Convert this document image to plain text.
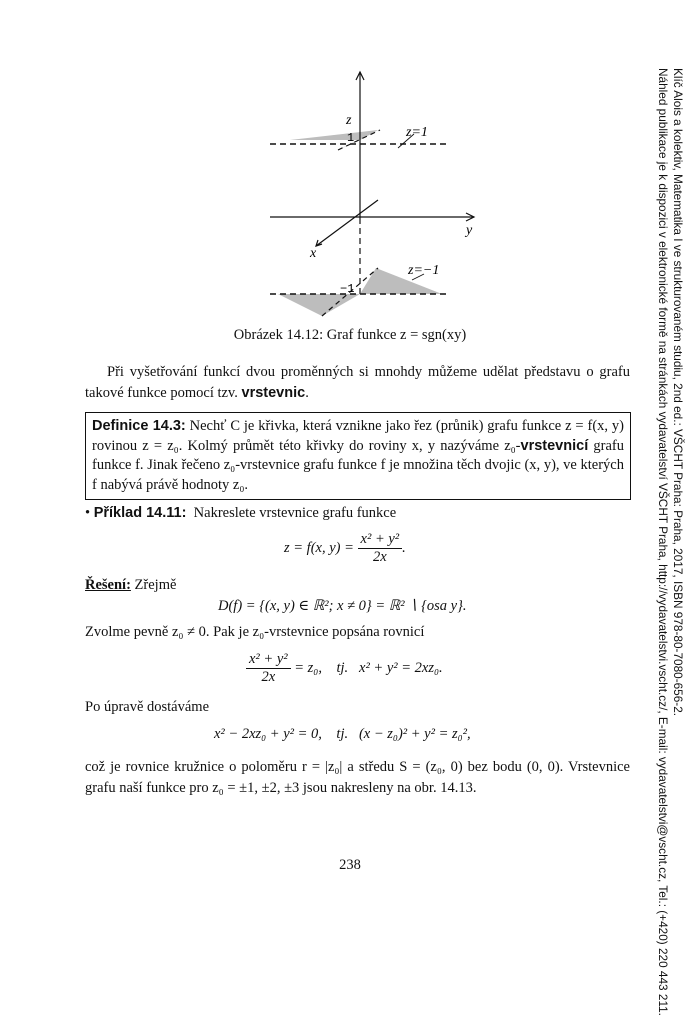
z
1	z=1
y
x
z=−1
−1
Obrázek 14.12: Graf funkce z = sgn(xy)
Při vyšetřování funkcí dvou proměnných si mnohdy můžeme udělat představu o grafu takové funkce pomocí tzv. vrstevnic.
Definice 14.3: Nechť C je křivka, která vznikne jako řez (průnik) grafu funkce z = f(x, y) rovinou z = z₀. Kolmý průmět této křivky do roviny x, y nazýváme z₀-vrstevnicí grafu funkce f. Jinak řečeno z₀-vrstevnice grafu funkce f je množina těch dvojic (x, y), ve kterých f nabývá právě hodnoty z₀.
• Příklad 14.11: Nakreslete vrstevnice grafu funkce
z = f(x, $y) = \frac{\text{x² + y²}}{2x}$ .
Řešení: Zřejmě
D(f) = {(x, y) ∈ ℝ²; x ≠ 0} = ℝ² ∖ {osa y}.
Zvolme pevně z₀ ≠ 0. Pak je z₀-vrstevnice popsána rovnicí
$\frac{\text{x² + y²}}{2x} = z_0$,    tj.   x² + y² = 2xz₀.
Po úpravě dostáváme
x² − 2xz₀ + y² = 0,    tj.   (x − z₀)² + y² = z₀²,
což je rovnice kružnice o poloměru r = |z₀| a středu S = (z₀, 0) bez bodu (0, 0). Vrstevnice grafu naší funkce pro z₀ = ±1, ±2, ±3 jsou nakresleny na obr. 14.13.
238
Klíč Alois a kolektiv, Matematika I ve strukturovaném studiu, 2nd ed.: VŠCHT Praha: Praha, 2017, ISBN 978-80-7080-656-2.
Náhled publikace je k dispozici v elektronické formě na stránkách vydavatelství VŠCHT Praha, http://vydavatelstvi.vscht.cz/, E-mail: vydavatelstvi@vscht.cz, Tel.: (+420) 220 443 211.
